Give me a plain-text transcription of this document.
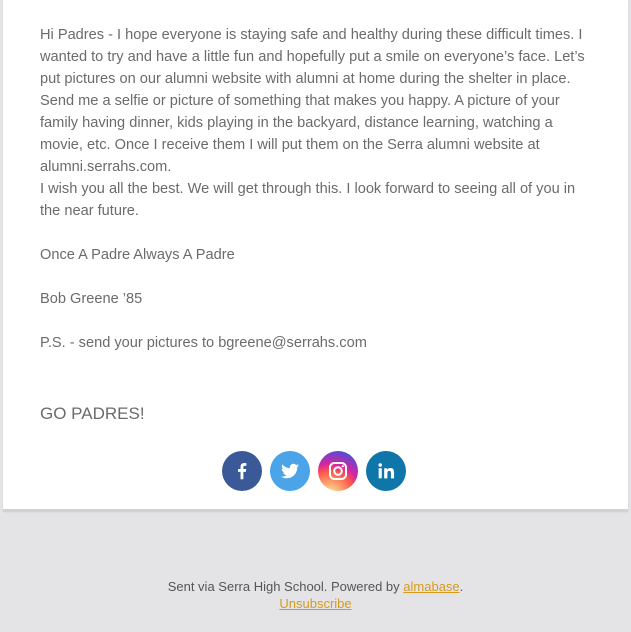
Hi Padres - I hope everyone is staying safe and healthy during these difficult times. I wanted to try and have a little fun and hopefully put a smile on everyone’s face. Let’s put pictures on our alumni website with alumni at home during the shelter in place. Send me a selfie or picture of something that makes you happy. A picture of your family having dinner, kids playing in the backyard, distance learning, watching a movie, etc. Once I receive them I will put them on the Serra alumni website at alumni.serrahs.com.

I wish you all the best. We will get through this. I look forward to seeing all of you in the near future.

Once A Padre Always A Padre

Bob Greene ’85

P.S. - send your pictures to bgreene@serrahs.com

GO PADRES!
Sent via Serra High School. Powered by almabase.
Unsubscribe
